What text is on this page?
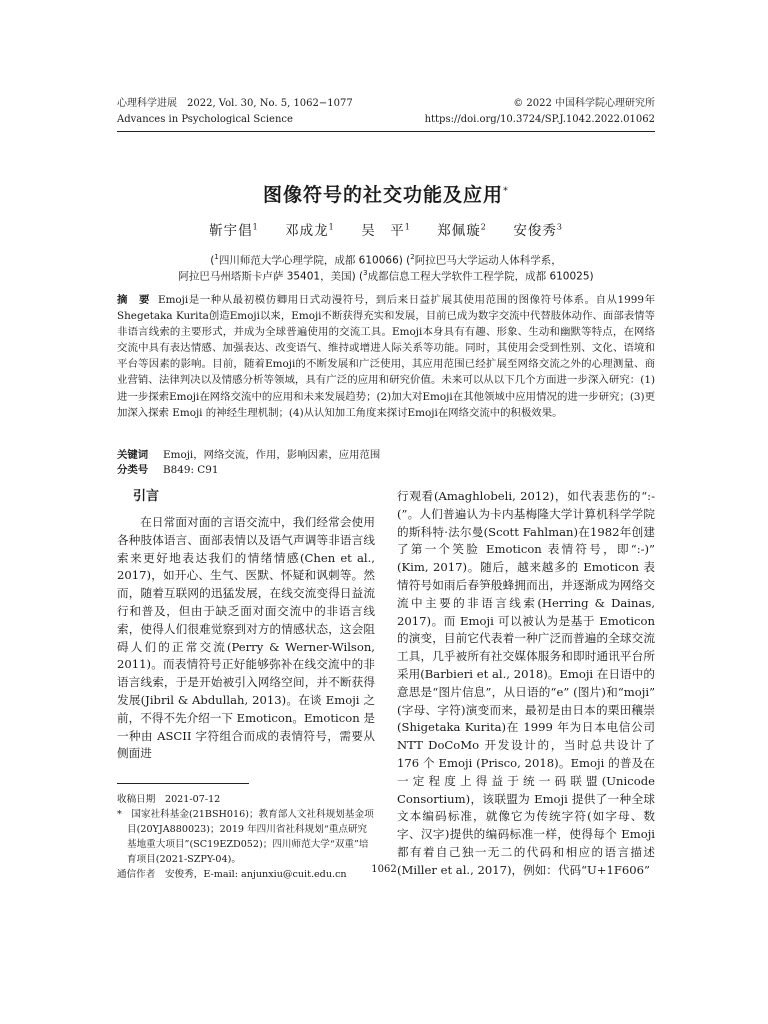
心理科学进展　2022, Vol. 30, No. 5, 1062−1077	© 2022 中国科学院心理研究所
Advances in Psychological Science	https://doi.org/10.3724/SP.J.1042.2022.01062
图像符号的社交功能及应用*
靳宇倡$^1$ 邓成龙$^1$ 吴　平$^1$ 郑佩璇$^2$ 安俊秀$^3$
($^1$四川师范大学心理学院，成都 610066) ($^2$阿拉巴马大学运动人体科学系，
阿拉巴马州塔斯卡卢萨 35401，美国) ($^3$成都信息工程大学软件工程学院，成都 610025)
摘　要 Emoji是一种从最初模仿卿用日式动漫符号，到后来日益扩展其使用范围的图像符号体系。自从1999年Shegetaka Kurita创造Emoji以来，Emoji不断获得充实和发展，目前已成为数字交流中代替肢体动作、面部表情等非语言线索的主要形式，并成为全球普遍使用的交流工具。Emoji本身具有有趣、形象、生动和幽默等特点，在网络交流中具有表达情感、加强表达、改变语气、维持或增进人际关系等功能。同时，其使用会受到性别、文化、语境和平台等因素的影响。目前，随着Emoji的不断发展和广泛使用，其应用范围已经扩展至网络交流之外的心理测量、商业营销、法律判决以及情感分析等领域，具有广泛的应用和研究价值。未来可以从以下几个方面进一步深入研究：(1)进一步探索Emoji在网络交流中的应用和未来发展趋势；(2)加大对Emoji在其他领域中应用情况的进一步研究；(3)更加深入探索 Emoji 的神经生理机制；(4)从认知加工角度来探讨Emoji在网络交流中的积极效果。
关键词 Emoji，网络交流，作用，影响因素，应用范围
分类号 B849: C91
引言

在日常面对面的言语交流中，我们经常会使用各种肢体语言、面部表情以及语气声调等非语言线索来更好地表达我们的情绪情感(Chen et al., 2017)，如开心、生气、医默、怀疑和讽刺等。然而，随着互联网的迅猛发展，在线交流变得日益流行和普及，但由于缺乏面对面交流中的非语言线索，使得人们很难觉察到对方的情感状态，这会阻碍人们的正常交流(Perry & Werner-Wilson, 2011)。而表情符号正好能够弥补在线交流中的非语言线索，于是开始被引入网络空间，并不断获得发展(Jibril & Abdullah, 2013)。在谈 Emoji 之前，不得不先介绍一下 Emoticon。Emoticon 是一种由 ASCII 字符组合而成的表情符号，需要从侧面进

行观看(Amaghlobeli, 2012)，如代表悲伤的“:-(”。人们普遍认为卡内基梅隆大学计算机科学学院的斯科特·法尔曼(Scott Fahlman)在1982年创建了第一个笑脸 Emoticon 表情符号，即“:-)” (Kim, 2017)。随后，越来越多的 Emoticon 表情符号如雨后春笋般蜂拥而出，并逐渐成为网络交流中主要的非语言线索(Herring & Dainas, 2017)。而 Emoji 可以被认为是基于 Emoticon 的演变，目前它代表着一种广泛而普遍的全球交流工具，几乎被所有社交媒体服务和即时通讯平台所采用(Barbieri et al., 2018)。Emoji 在日语中的意思是“图片信息”，从日语的“e” (图片)和“moji” (字母、字符)演变而来，最初是由日本的栗田穰崇(Shigetaka Kurita)在 1999 年为日本电信公司 NTT DoCoMo 开发设计的，当时总共设计了 176 个 Emoji (Prisco, 2018)。Emoji 的普及在一定程度上得益于统一码联盟(Unicode Consortium)，该联盟为 Emoji 提供了一种全球文本编码标准，就像它为传统字符(如字母、数字、汉字)提供的编码标准一样，使得每个 Emoji 都有着自己独一无二的代码和相应的语言描述(Miller et al., 2017)，例如：代码“U+1F606”

收稿日期　2021-07-12

*　国家社科基金(21BSH016)；教育部人文社科规划基金项目(20YJA880023)；2019 年四川省社科规划“重点研究基地重大项目”(SC19EZD052)；四川师范大学“双重”培育项目(2021-SZPY-04)。

通信作者　安俊秀，E-mail: anjunxiu@cuit.edu.cn	1062
